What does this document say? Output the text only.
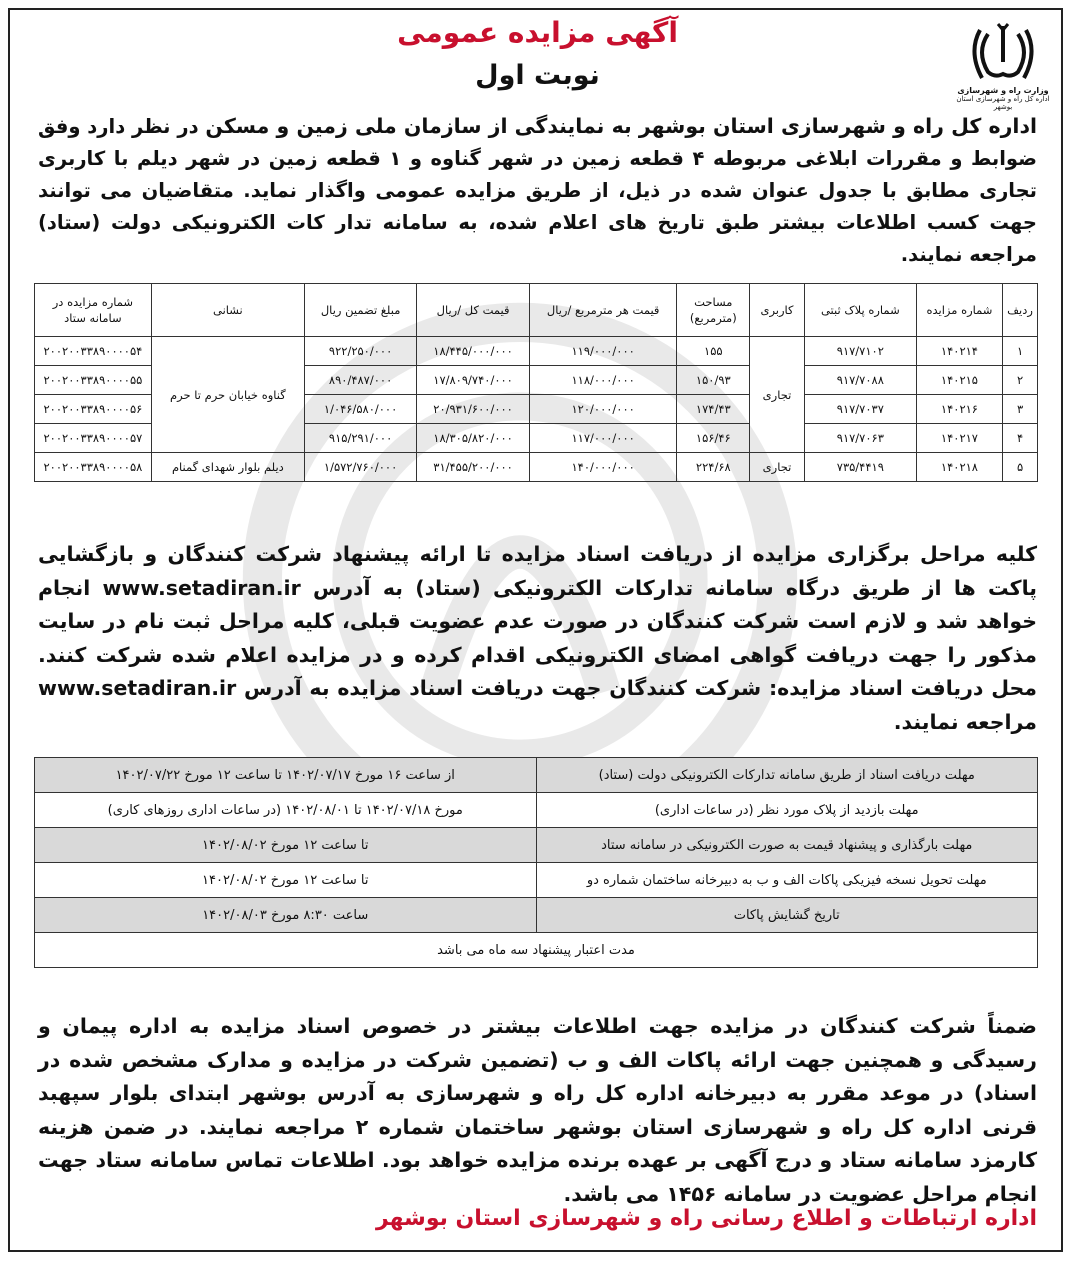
وزارت راه و شهرسازی
اداره کل راه و شهرسازی استان بوشهر
آگهی مزایده عمومی
نوبت اول
اداره کل راه و شهرسازی استان بوشهر به نمایندگی از سازمان ملی زمین و مسکن در نظر دارد وفق ضوابط و مقررات ابلاغی مربوطه ۴ قطعه زمین در شهر گناوه و ۱ قطعه زمین در شهر دیلم با کاربری تجاری مطابق با جدول عنوان شده در ذیل، از طریق مزایده عمومی واگذار نماید. متقاضیان می توانند جهت کسب اطلاعات بیشتر طبق تاریخ های اعلام شده، به سامانه تدار کات الکترونیکی دولت (ستاد) مراجعه نمایند.
ردیف	شماره مزایده	شماره پلاک ثبتی	کاربری	مساحت (مترمربع)	قیمت هر مترمربع /ریال	قیمت کل /ریال	مبلغ تضمین ریال	نشانی	شماره مزایده در سامانه ستاد
۱	۱۴۰۲۱۴	۹۱۷/۷۱۰۲	تجاری	۱۵۵	۱۱۹/۰۰۰/۰۰۰	۱۸/۴۴۵/۰۰۰/۰۰۰	۹۲۲/۲۵۰/۰۰۰	گناوه خیابان حرم تا حرم	۲۰۰۲۰۰۳۳۸۹۰۰۰۰۵۴
۲	۱۴۰۲۱۵	۹۱۷/۷۰۸۸		۱۵۰/۹۳	۱۱۸/۰۰۰/۰۰۰	۱۷/۸۰۹/۷۴۰/۰۰۰	۸۹۰/۴۸۷/۰۰۰		۲۰۰۲۰۰۳۳۸۹۰۰۰۰۵۵
۳	۱۴۰۲۱۶	۹۱۷/۷۰۳۷		۱۷۴/۴۳	۱۲۰/۰۰۰/۰۰۰	۲۰/۹۳۱/۶۰۰/۰۰۰	۱/۰۴۶/۵۸۰/۰۰۰		۲۰۰۲۰۰۳۳۸۹۰۰۰۰۵۶
۴	۱۴۰۲۱۷	۹۱۷/۷۰۶۳		۱۵۶/۴۶	۱۱۷/۰۰۰/۰۰۰	۱۸/۳۰۵/۸۲۰/۰۰۰	۹۱۵/۲۹۱/۰۰۰		۲۰۰۲۰۰۳۳۸۹۰۰۰۰۵۷
۵	۱۴۰۲۱۸	۷۳۵/۴۴۱۹	تجاری	۲۲۴/۶۸	۱۴۰/۰۰۰/۰۰۰	۳۱/۴۵۵/۲۰۰/۰۰۰	۱/۵۷۲/۷۶۰/۰۰۰	دیلم بلوار شهدای گمنام	۲۰۰۲۰۰۳۳۸۹۰۰۰۰۵۸
کلیه مراحل برگزاری مزایده از دریافت اسناد مزایده تا ارائه پیشنهاد شرکت کنندگان و بازگشایی پاکت ها از طریق درگاه سامانه تدارکات الکترونیکی (ستاد) به آدرس www.setadiran.ir انجام خواهد شد و لازم است شرکت کنندگان در صورت عدم عضویت قبلی، کلیه مراحل ثبت نام در سایت مذکور را جهت دریافت گواهی امضای الکترونیکی اقدام کرده و در مزایده اعلام شده شرکت کنند. محل دریافت اسناد مزایده: شرکت کنندگان جهت دریافت اسناد مزایده به آدرس www.setadiran.ir مراجعه نمایند.
مهلت دریافت اسناد از طریق سامانه تدارکات الکترونیکی دولت (ستاد)	از ساعت ۱۶ مورخ ۱۴۰۲/۰۷/۱۷ تا ساعت ۱۲ مورخ ۱۴۰۲/۰۷/۲۲
مهلت بازدید از پلاک مورد نظر (در ساعات اداری)	مورخ ۱۴۰۲/۰۷/۱۸ تا ۱۴۰۲/۰۸/۰۱ (در ساعات اداری روزهای کاری)
مهلت بارگذاری و پیشنهاد قیمت به صورت الکترونیکی در سامانه ستاد	تا ساعت ۱۲ مورخ ۱۴۰۲/۰۸/۰۲
مهلت تحویل نسخه فیزیکی پاکات الف و ب به دبیرخانه ساختمان شماره دو	تا ساعت ۱۲ مورخ ۱۴۰۲/۰۸/۰۲
تاریخ گشایش پاکات	ساعت ۸:۳۰ مورخ ۱۴۰۲/۰۸/۰۳
مدت اعتبار پیشنهاد سه ماه می باشد	
ضمناً شرکت کنندگان در مزایده جهت اطلاعات بیشتر در خصوص اسناد مزایده به اداره پیمان و رسیدگی و همچنین جهت ارائه پاکات الف و ب (تضمین شرکت در مزایده و مدارک مشخص شده در اسناد) در موعد مقرر به دبیرخانه اداره کل راه و شهرسازی به آدرس بوشهر ابتدای بلوار سپهبد قرنی اداره کل راه و شهرسازی استان بوشهر ساختمان شماره ۲ مراجعه نمایند. در ضمن هزینه کارمزد سامانه ستاد و درج آگهی بر عهده برنده مزایده خواهد بود. اطلاعات تماس سامانه ستاد جهت انجام مراحل عضویت در سامانه ۱۴۵۶ می باشد.
اداره ارتباطات و اطلاع رسانی راه و شهرسازی استان بوشهر
